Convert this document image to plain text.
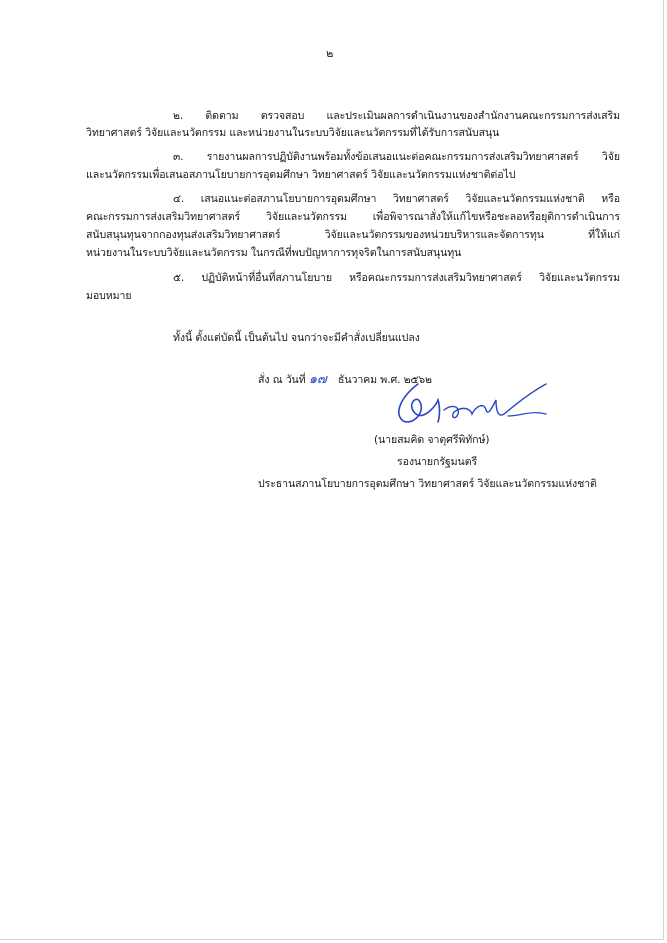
๒
๒. ติดตาม ตรวจสอบ และประเมินผลการดำเนินงานของสำนักงานคณะกรรมการส่งเสริม
วิทยาศาสตร์ วิจัยและนวัตกรรม และหน่วยงานในระบบวิจัยและนวัตกรรมที่ได้รับการสนับสนุน
๓. รายงานผลการปฏิบัติงานพร้อมทั้งข้อเสนอแนะต่อคณะกรรมการส่งเสริมวิทยาศาสตร์ วิจัย
และนวัตกรรมเพื่อเสนอสภานโยบายการอุดมศึกษา วิทยาศาสตร์ วิจัยและนวัตกรรมแห่งชาติต่อไป
๔. เสนอแนะต่อสภานโยบายการอุดมศึกษา วิทยาศาสตร์ วิจัยและนวัตกรรมแห่งชาติ หรือ
คณะกรรมการส่งเสริมวิทยาศาสตร์ วิจัยและนวัตกรรม เพื่อพิจารณาสั่งให้แก้ไขหรือชะลอหรือยุติการดำเนินการ
สนับสนุนทุนจากกองทุนส่งเสริมวิทยาศาสตร์ วิจัยและนวัตกรรมของหน่วยบริหารและจัดการทุน ที่ให้แก่
หน่วยงานในระบบวิจัยและนวัตกรรม ในกรณีที่พบปัญหาการทุจริตในการสนับสนุนทุน
๕. ปฏิบัติหน้าที่อื่นที่สภานโยบาย หรือคณะกรรมการส่งเสริมวิทยาศาสตร์ วิจัยและนวัตกรรม
มอบหมาย
ทั้งนี้ ตั้งแต่บัดนี้ เป็นต้นไป จนกว่าจะมีคำสั่งเปลี่ยนแปลง
สั่ง ณ วันที่ ๑๗ ธันวาคม พ.ศ. ๒๕๖๒
(นายสมคิด จาตุศรีพิทักษ์)
รองนายกรัฐมนตรี
ประธานสภานโยบายการอุดมศึกษา วิทยาศาสตร์ วิจัยและนวัตกรรมแห่งชาติ
